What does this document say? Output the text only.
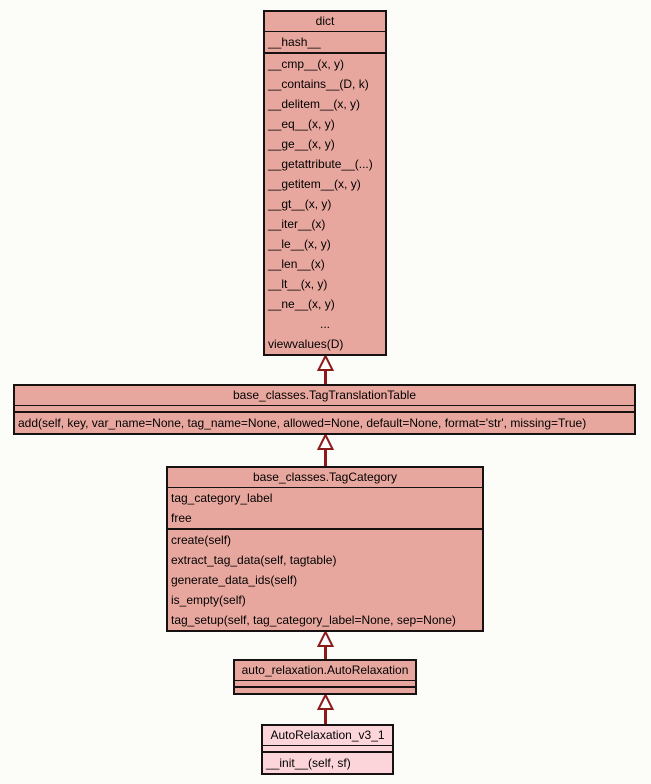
dict
__hash__
__cmp__(x, y)
__contains__(D, k)
__delitem__(x, y)
__eq__(x, y)
__ge__(x, y)
__getattribute__(...)
__getitem__(x, y)
__gt__(x, y)
__iter__(x)
__le__(x, y)
__len__(x)
__lt__(x, y)
__ne__(x, y)
...
viewvalues(D)
base_classes.TagTranslationTable
add(self, key, var_name=None, tag_name=None, allowed=None, default=None, format='str', missing=True)
base_classes.TagCategory
tag_category_label
free
create(self)
extract_tag_data(self, tagtable)
generate_data_ids(self)
is_empty(self)
tag_setup(self, tag_category_label=None, sep=None)
auto_relaxation.AutoRelaxation
AutoRelaxation_v3_1
__init__(self, sf)
